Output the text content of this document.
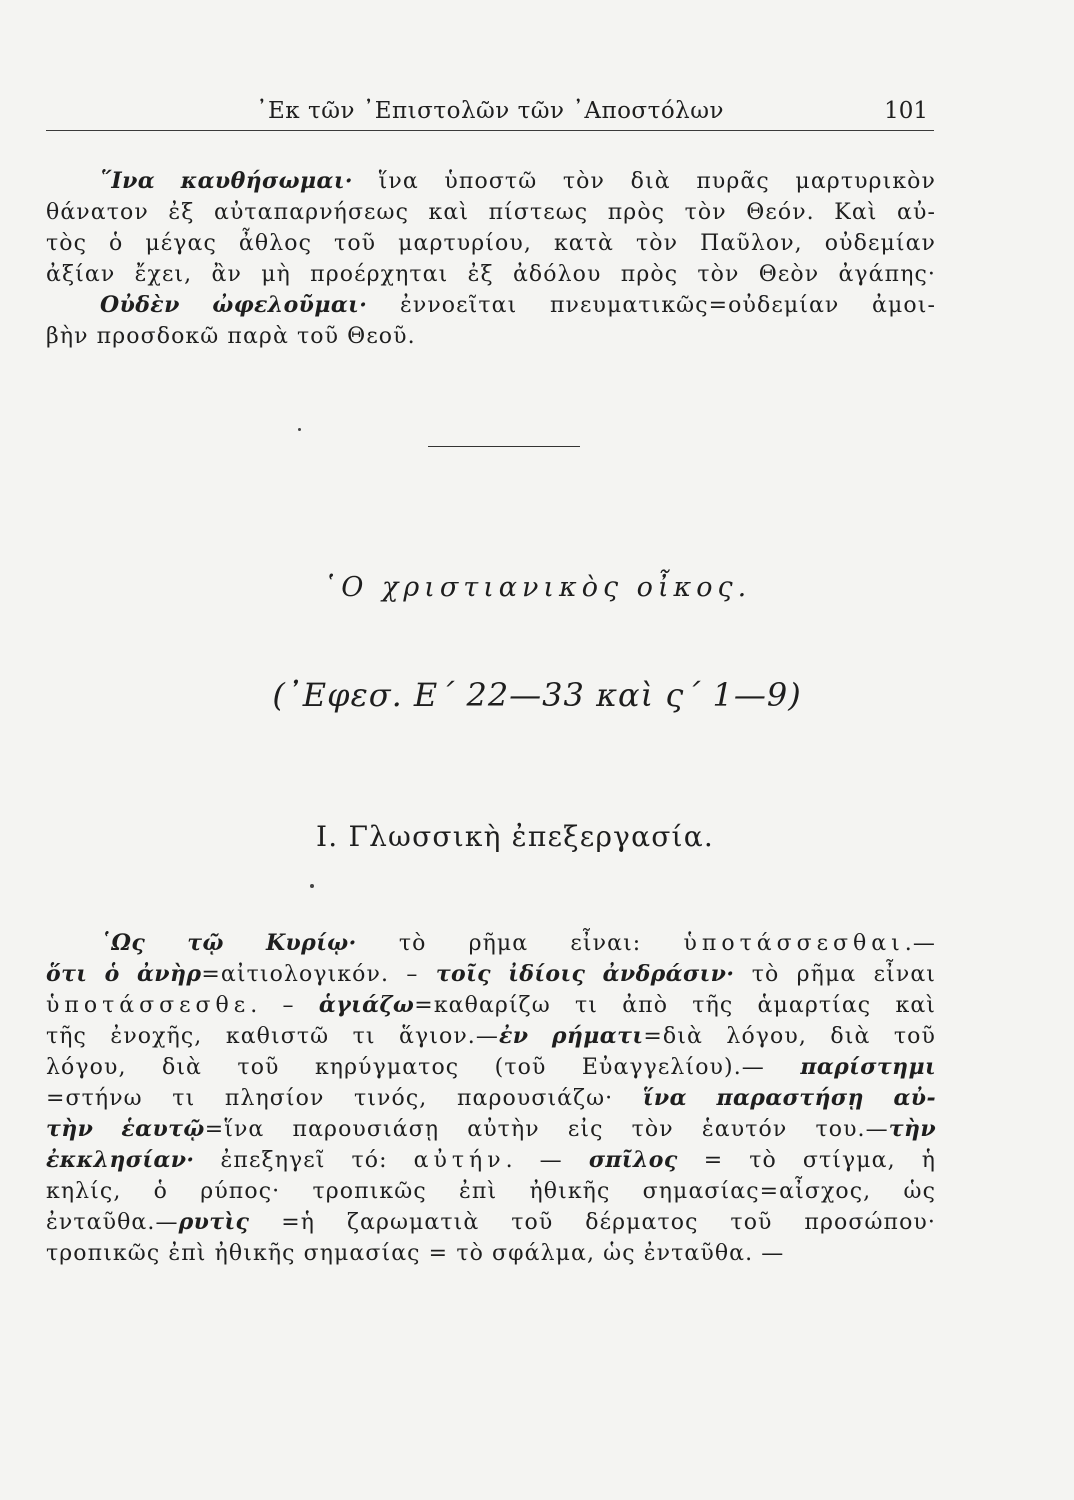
᾿Εκ τῶν ᾿Επιστολῶν τῶν ᾿Αποστόλων	101
῞Ινα καυθήσωμαι· ἵνα ὑποστῶ τὸν διὰ πυρᾶς μαρτυρικὸν
θάνατον ἐξ αὐταπαρνήσεως καὶ πίστεως πρὸς τὸν Θεόν. Καὶ αὐ-
τὸς ὁ μέγας ἆθλος τοῦ μαρτυρίου, κατὰ τὸν Παῦλον, οὐδεμίαν
ἀξίαν ἔχει, ἂν μὴ προέρχηται ἐξ ἀδόλου πρὸς τὸν Θεὸν ἀγάπης·
Οὐδὲν ὠφελοῦμαι· ἐννοεῖται πνευματικῶς=οὐδεμίαν ἀμοι-
βὴν προσδοκῶ παρὰ τοῦ Θεοῦ.
῾Ο χριστιανικὸς οἶκος.
(᾿Εφεσ. Ε΄ 22—33 καὶ ς΄ 1—9)
I. Γλωσσικὴ ἐπεξεργασία.
῾Ως τῷ Κυρίῳ· τὸ ρῆμα εἶναι: ὑποτάσσεσθαι.—
ὅτι ὁ ἀνὴρ=αἰτιολογικόν. – τοῖς ἰδίοις ἀνδράσιν· τὸ ρῆμα εἶναι
ὑποτάσσεσθε. – ἁγιάζω=καθαρίζω τι ἀπὸ τῆς ἁμαρτίας καὶ
τῆς ἐνοχῆς, καθιστῶ τι ἅγιον.—ἐν ρήματι=διὰ λόγου, διὰ τοῦ
λόγου, διὰ τοῦ κηρύγματος (τοῦ Εὐαγγελίου).— παρίστημι
=στήνω τι πλησίον τινός, παρουσιάζω· ἵνα παραστήσῃ αὐ-
τὴν ἑαυτῷ=ἵνα παρουσιάσῃ αὐτὴν εἰς τὸν ἑαυτόν του.—τὴν
ἐκκλησίαν· ἐπεξηγεῖ τό: αὐτήν. — σπῖλος = τὸ στίγμα, ἡ
κηλίς, ὁ ρύπος· τροπικῶς ἐπὶ ἠθικῆς σημασίας=αἶσχος, ὡς
ἐνταῦθα.—ρυτὶς =ἡ ζαρωματιὰ τοῦ δέρματος τοῦ προσώπου·
τροπικῶς ἐπὶ ἠθικῆς σημασίας = τὸ σφάλμα, ὡς ἐνταῦθα. —
